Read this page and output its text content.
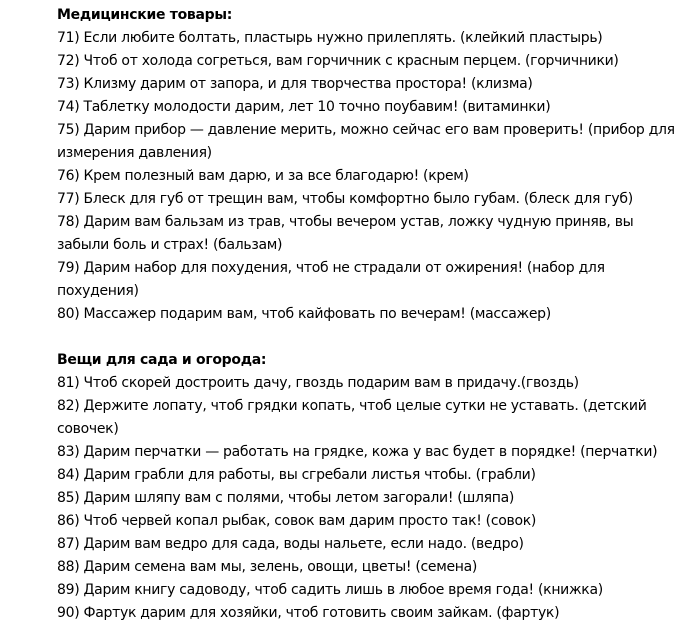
Медицинские товары:

71) Если любите болтать, пластырь нужно прилеплять. (клейкий пластырь)

72) Чтоб от холода согреться, вам горчичник с красным перцем. (горчичники)

73) Клизму дарим от запора, и для творчества простора! (клизма)

74) Таблетку молодости дарим, лет 10 точно поубавим! (витаминки)

75) Дарим прибор — давление мерить, можно сейчас его вам проверить! (прибор для измерения давления)

76) Крем полезный вам дарю, и за все благодарю! (крем)

77) Блеск для губ от трещин вам, чтобы комфортно было губам. (блеск для губ)

78) Дарим вам бальзам из трав, чтобы вечером устав, ложку чудную приняв, вы забыли боль и страх! (бальзам)

79) Дарим набор для похудения, чтоб не страдали от ожирения! (набор для похудения)

80) Массажер подарим вам, чтоб кайфовать по вечерам! (массажер)

Вещи для сада и огорода:

81) Чтоб скорей достроить дачу, гвоздь подарим вам в придачу.(гвоздь)

82) Держите лопату, чтоб грядки копать, чтоб целые сутки не уставать. (детский совочек)

83) Дарим перчатки — работать на грядке, кожа у вас будет в порядке! (перчатки)

84) Дарим грабли для работы, вы сгребали листья чтобы. (грабли)

85) Дарим шляпу вам с полями, чтобы летом загорали! (шляпа)

86) Чтоб червей копал рыбак, совок вам дарим просто так! (совок)

87) Дарим вам ведро для сада, воды нальете, если надо. (ведро)

88) Дарим семена вам мы, зелень, овощи, цветы! (семена)

89) Дарим книгу садоводу, чтоб садить лишь в любое время года! (книжка)

90) Фартук дарим для хозяйки, чтоб готовить своим зайкам. (фартук)
